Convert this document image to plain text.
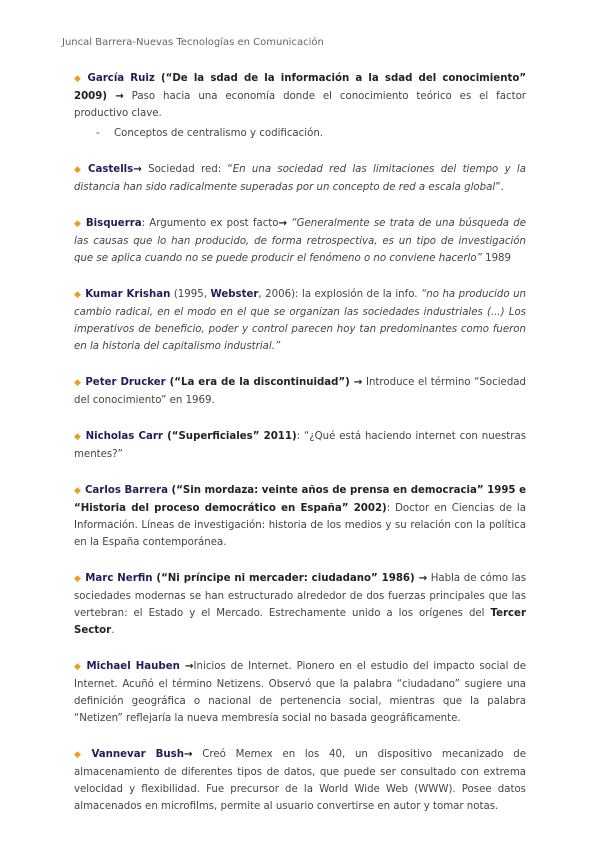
Juncal Barrera-Nuevas Tecnologías en Comunicación
◆ García Ruiz (“De la sdad de la información a la sdad del conocimiento” 2009) → Paso hacia una economía donde el conocimiento teórico es el factor productivo clave.
- Conceptos de centralismo y codificación.
◆ Castells→ Sociedad red: “En una sociedad red las limitaciones del tiempo y la distancia han sido radicalmente superadas por un concepto de red a escala global”.
◆ Bisquerra: Argumento ex post facto→ “Generalmente se trata de una búsqueda de las causas que lo han producido, de forma retrospectiva, es un tipo de investigación que se aplica cuando no se puede producir el fenómeno o no conviene hacerlo” 1989
◆ Kumar Krishan (1995, Webster, 2006): la explosión de la info. “no ha producido un cambio radical, en el modo en el que se organizan las sociedades industriales (...) Los imperativos de beneficio, poder y control parecen hoy tan predominantes como fueron en la historia del capitalismo industrial.”
◆ Peter Drucker (“La era de la discontinuidad”) → Introduce el término “Sociedad del conocimiento” en 1969.
◆ Nicholas Carr (“Superficiales” 2011): “¿Qué está haciendo internet con nuestras mentes?”
◆ Carlos Barrera (“Sin mordaza: veinte años de prensa en democracia” 1995 e “Historia del proceso democrático en España” 2002): Doctor en Ciencias de la Información. Líneas de investigación: historia de los medios y su relación con la política en la España contemporánea.
◆ Marc Nerfin (“Ni príncipe ni mercader: ciudadano” 1986) → Habla de cómo las sociedades modernas se han estructurado alrededor de dos fuerzas principales que las vertebran: el Estado y el Mercado. Estrechamente unido a los orígenes del Tercer Sector.
◆ Michael Hauben →Inicios de Internet. Pionero en el estudio del impacto social de Internet. Acuñó el término Netizens. Observó que la palabra “ciudadano” sugiere una definición geográfica o nacional de pertenencia social, mientras que la palabra “Netizen” reflejaría la nueva membresía social no basada geográficamente.
◆ Vannevar Bush→ Creó Memex en los 40, un dispositivo mecanizado de almacenamiento de diferentes tipos de datos, que puede ser consultado con extrema velocidad y flexibilidad. Fue precursor de la World Wide Web (WWW). Posee datos almacenados en microfilms, permite al usuario convertirse en autor y tomar notas.
